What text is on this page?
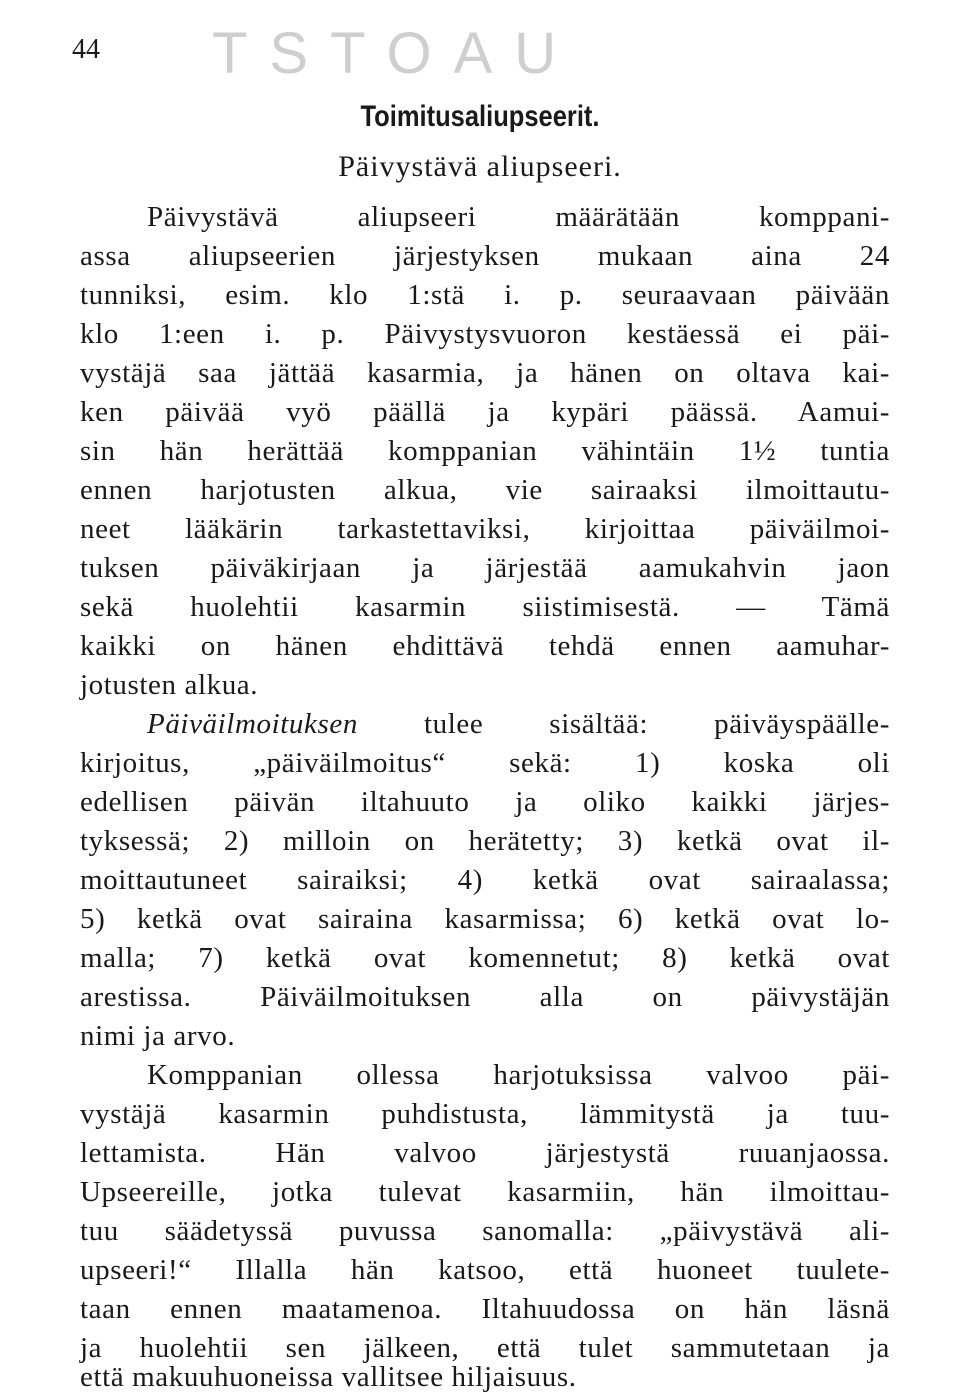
44 TSTOAU
Toimitusaliupseerit.
Päivystävä aliupseeri.
Päivystävä aliupseeri määrätään komppani-
assa aliupseerien järjestyksen mukaan aina 24
tunniksi, esim. klo 1:stä i. p. seuraavaan päivään
klo 1:een i. p. Päivystysvuoron kestäessä ei päi-
vystäjä saa jättää kasarmia, ja hänen on oltava kai-
ken päivää vyö päällä ja kypäri päässä. Aamui-
sin hän herättää komppanian vähintäin 1½ tuntia
ennen harjotusten alkua, vie sairaaksi ilmoittautu-
neet lääkärin tarkastettaviksi, kirjoittaa päiväilmoi-
tuksen päiväkirjaan ja järjestää aamukahvin jaon
sekä huolehtii kasarmin siistimisestä. — Tämä
kaikki on hänen ehdittävä tehdä ennen aamuhar-
jotusten alkua.
Päiväilmoituksen tulee sisältää: päiväyspäälle-
kirjoitus, „päiväilmoitus“ sekä: 1) koska oli
edellisen päivän iltahuuto ja oliko kaikki järjes-
tyksessä; 2) milloin on herätetty; 3) ketkä ovat il-
moittautuneet sairaiksi; 4) ketkä ovat sairaalassa;
5) ketkä ovat sairaina kasarmissa; 6) ketkä ovat lo-
malla; 7) ketkä ovat komennetut; 8) ketkä ovat
arestissa. Päiväilmoituksen alla on päivystäjän
nimi ja arvo.
Komppanian ollessa harjotuksissa valvoo päi-
vystäjä kasarmin puhdistusta, lämmitystä ja tuu-
lettamista. Hän valvoo järjestystä ruuanjaossa.
Upseereille, jotka tulevat kasarmiin, hän ilmoittau-
tuu säädetyssä puvussa sanomalla: „päivystävä ali-
upseeri!“ Illalla hän katsoo, että huoneet tuulete-
taan ennen maatamenoa. Iltahuudossa on hän läsnä
ja huolehtii sen jälkeen, että tulet sammutetaan ja
että makuuhuoneissa vallitsee hiljaisuus.
